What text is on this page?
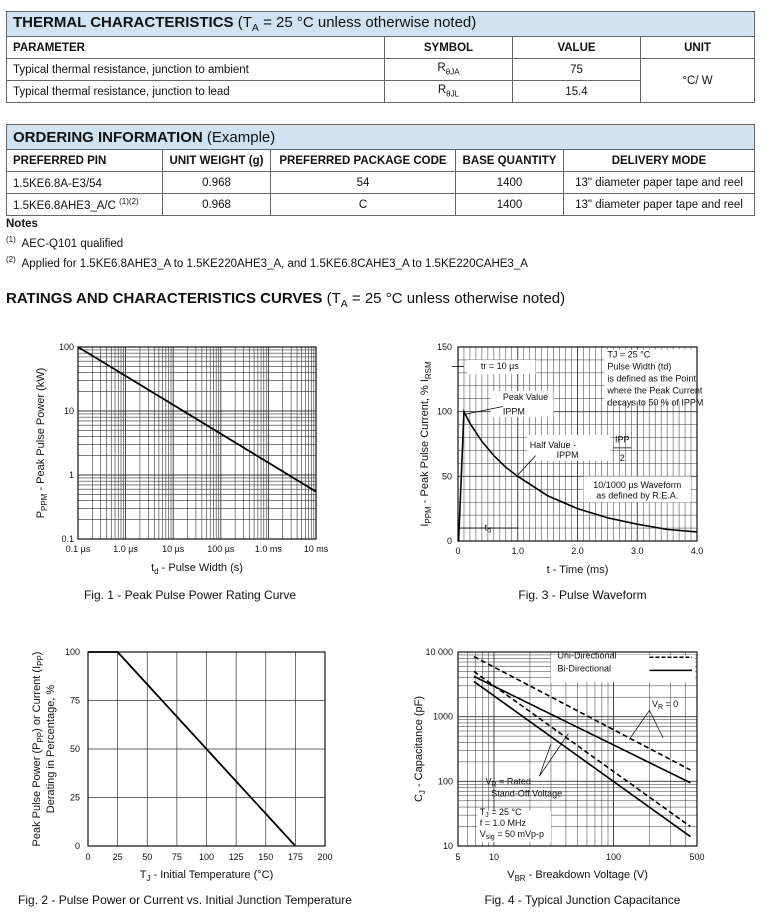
THERMAL CHARACTERISTICS ($T_A = 25$ °C unless otherwise noted)			
PARAMETER	SYMBOL	VALUE	UNIT
Typical thermal resistance, junction to ambient	$R_{\theta JA}$	75	°C/ W
Typical thermal resistance, junction to lead	$R_{\theta JL}$	15.4	
ORDERING INFORMATION (Example)				
PREFERRED PIN	UNIT WEIGHT (g)	PREFERRED PACKAGE CODE	BASE QUANTITY	DELIVERY MODE
1.5KE6.8A-E3/54	0.968	54	1400	13" diameter paper tape and reel
1.5KE6.8AHE3_A/C $^{(1)(2)}$	0.968	C	1400	13" diameter paper tape and reel
Notes
$^{(1)}$ AEC-Q101 qualified
$^{(2)}$ Applied for 1.5KE6.8AHE3_A to 1.5KE220AHE3_A, and 1.5KE6.8CAHE3_A to 1.5KE220CAHE3_A
RATINGS AND CHARACTERISTICS CURVES ($T_A = 25$ °C unless otherwise noted)
0.1 µs	1.0 µs	10 µs	100 µs 1.0 ms 10 ms
100
10
1
0.1
$t_d$ - Pulse Width (s)
$P_{PPM}$ - Peak Pulse Power (kW)
Fig. 1 - Peak Pulse Power Rating Curve
0	1.0	2.0	3.0	4.0
0
50
100
150
tr = 10 µs
$t_d$
TJ = 25 °C
Pulse Width (td)
is defined as the Point
where the Peak Current
decays to 50 % of IPPM
Peak Value
IPPM
Half Value -
IPPM
IPP
2
10/1000 µs Waveform
as defined by R.E.A.
t - Time (ms)
$I_{PPM}$ - Peak Pulse Current, % $I_{RSM}$
Fig. 3 - Pulse Waveform
0 25 50 75 100 125 150 175 200
0
25
50
75
100
$T_J$ - Initial Temperature (°C)
Peak Pulse Power $(P_{PP})$ or Current $(I_{PP})$
Derating in Percentage, %
Fig. 2 - Pulse Power or Current vs. Initial Junction Temperature
5	10	100	500
10 000
1000
100
10
Uni-Directional
Bi-Directional
$V_R = 0$
$V_R$ = Rated
Stand-Off Voltage
$T_J = 25$ °C
f = 1.0 MHz
$V_{sig} = 50$ mVp-p
$V_{BR}$ - Breakdown Voltage (V)
$C_J$ - Capacitance (pF)
Fig. 4 - Typical Junction Capacitance
